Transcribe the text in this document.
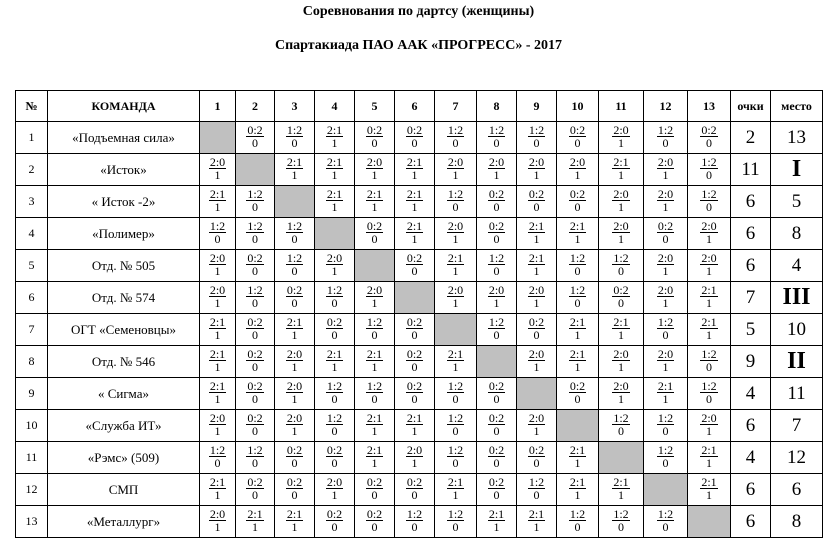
Соревнования по дартсу (женщины)
Спартакиада ПАО ААК «ПРОГРЕСС» - 2017
№	КОМАНДА	1	2	3	4	5	6	7	8	9	10	11	12	13	очки	место
1	«Подъемная сила»		$\frac{0:2}{0}$	$\frac{1:2}{0}$	$\frac{2:1}{1}$	$\frac{0:2}{0}$	$\frac{0:2}{0}$	$\frac{1:2}{0}$	$\frac{1:2}{0}$	$\frac{1:2}{0}$	$\frac{0:2}{0}$	$\frac{2:0}{1}$	$\frac{1:2}{0}$	$\frac{0:2}{0}$	2	13
2	«Исток»	$\frac{2:0}{1}$		$\frac{2:1}{1}$	$\frac{2:1}{1}$	$\frac{2:0}{1}$	$\frac{2:1}{1}$	$\frac{2:0}{1}$	$\frac{2:0}{1}$	$\frac{2:0}{1}$	$\frac{2:0}{1}$	$\frac{2:1}{1}$	$\frac{2:0}{1}$	$\frac{1:2}{0}$	11	I
3	« Исток -2»	$\frac{2:1}{1}$	$\frac{1:2}{0}$		$\frac{2:1}{1}$	$\frac{2:1}{1}$	$\frac{2:1}{1}$	$\frac{1:2}{0}$	$\frac{0:2}{0}$	$\frac{0:2}{0}$	$\frac{0:2}{0}$	$\frac{2:0}{1}$	$\frac{2:0}{1}$	$\frac{1:2}{0}$	6	5
4	«Полимер»	$\frac{1:2}{0}$	$\frac{1:2}{0}$	$\frac{1:2}{0}$		$\frac{0:2}{0}$	$\frac{2:1}{1}$	$\frac{2:0}{1}$	$\frac{0:2}{0}$	$\frac{2:1}{1}$	$\frac{2:1}{1}$	$\frac{2:0}{1}$	$\frac{0:2}{0}$	$\frac{2:0}{1}$	6	8
5	Отд. № 505	$\frac{2:0}{1}$	$\frac{0:2}{0}$	$\frac{1:2}{0}$	$\frac{2:0}{1}$		$\frac{0:2}{0}$	$\frac{2:1}{1}$	$\frac{1:2}{0}$	$\frac{2:1}{1}$	$\frac{1:2}{0}$	$\frac{1:2}{0}$	$\frac{2:0}{1}$	$\frac{2:0}{1}$	6	4
6	Отд. № 574	$\frac{2:0}{1}$	$\frac{1:2}{0}$	$\frac{0:2}{0}$	$\frac{1:2}{0}$	$\frac{2:0}{1}$		$\frac{2:0}{1}$	$\frac{2:0}{1}$	$\frac{2:0}{1}$	$\frac{1:2}{0}$	$\frac{0:2}{0}$	$\frac{2:0}{1}$	$\frac{2:1}{1}$	7	III
7	ОГТ «Семеновцы»	$\frac{2:1}{1}$	$\frac{0:2}{0}$	$\frac{2:1}{1}$	$\frac{0:2}{0}$	$\frac{1:2}{0}$	$\frac{0:2}{0}$		$\frac{1:2}{0}$	$\frac{0:2}{0}$	$\frac{2:1}{1}$	$\frac{2:1}{1}$	$\frac{1:2}{0}$	$\frac{2:1}{1}$	5	10
8	Отд. № 546	$\frac{2:1}{1}$	$\frac{0:2}{0}$	$\frac{2:0}{1}$	$\frac{2:1}{1}$	$\frac{2:1}{1}$	$\frac{0:2}{0}$	$\frac{2:1}{1}$		$\frac{2:0}{1}$	$\frac{2:1}{1}$	$\frac{2:0}{1}$	$\frac{2:0}{1}$	$\frac{1:2}{0}$	9	II
9	« Сигма»	$\frac{2:1}{1}$	$\frac{0:2}{0}$	$\frac{2:0}{1}$	$\frac{1:2}{0}$	$\frac{1:2}{0}$	$\frac{0:2}{0}$	$\frac{1:2}{0}$	$\frac{0:2}{0}$		$\frac{0:2}{0}$	$\frac{2:0}{1}$	$\frac{2:1}{1}$	$\frac{1:2}{0}$	4	11
10	«Служба ИТ»	$\frac{2:0}{1}$	$\frac{0:2}{0}$	$\frac{2:0}{1}$	$\frac{1:2}{0}$	$\frac{2:1}{1}$	$\frac{2:1}{1}$	$\frac{1:2}{0}$	$\frac{0:2}{0}$	$\frac{2:0}{1}$		$\frac{1:2}{0}$	$\frac{1:2}{0}$	$\frac{2:0}{1}$	6	7
11	«Рэмс» (509)	$\frac{1:2}{0}$	$\frac{1:2}{0}$	$\frac{0:2}{0}$	$\frac{0:2}{0}$	$\frac{2:1}{1}$	$\frac{2:0}{1}$	$\frac{1:2}{0}$	$\frac{0:2}{0}$	$\frac{0:2}{0}$	$\frac{2:1}{1}$		$\frac{1:2}{0}$	$\frac{2:1}{1}$	4	12
12	СМП	$\frac{2:1}{1}$	$\frac{0:2}{0}$	$\frac{0:2}{0}$	$\frac{2:0}{1}$	$\frac{0:2}{0}$	$\frac{0:2}{0}$	$\frac{2:1}{1}$	$\frac{0:2}{0}$	$\frac{1:2}{0}$	$\frac{2:1}{1}$	$\frac{2:1}{1}$		$\frac{2:1}{1}$	6	6
13	«Металлург»	$\frac{2:0}{1}$	$\frac{2:1}{1}$	$\frac{2:1}{1}$	$\frac{0:2}{0}$	$\frac{0:2}{0}$	$\frac{1:2}{0}$	$\frac{1:2}{0}$	$\frac{2:1}{1}$	$\frac{2:1}{1}$	$\frac{1:2}{0}$	$\frac{1:2}{0}$	$\frac{1:2}{0}$		6	8
